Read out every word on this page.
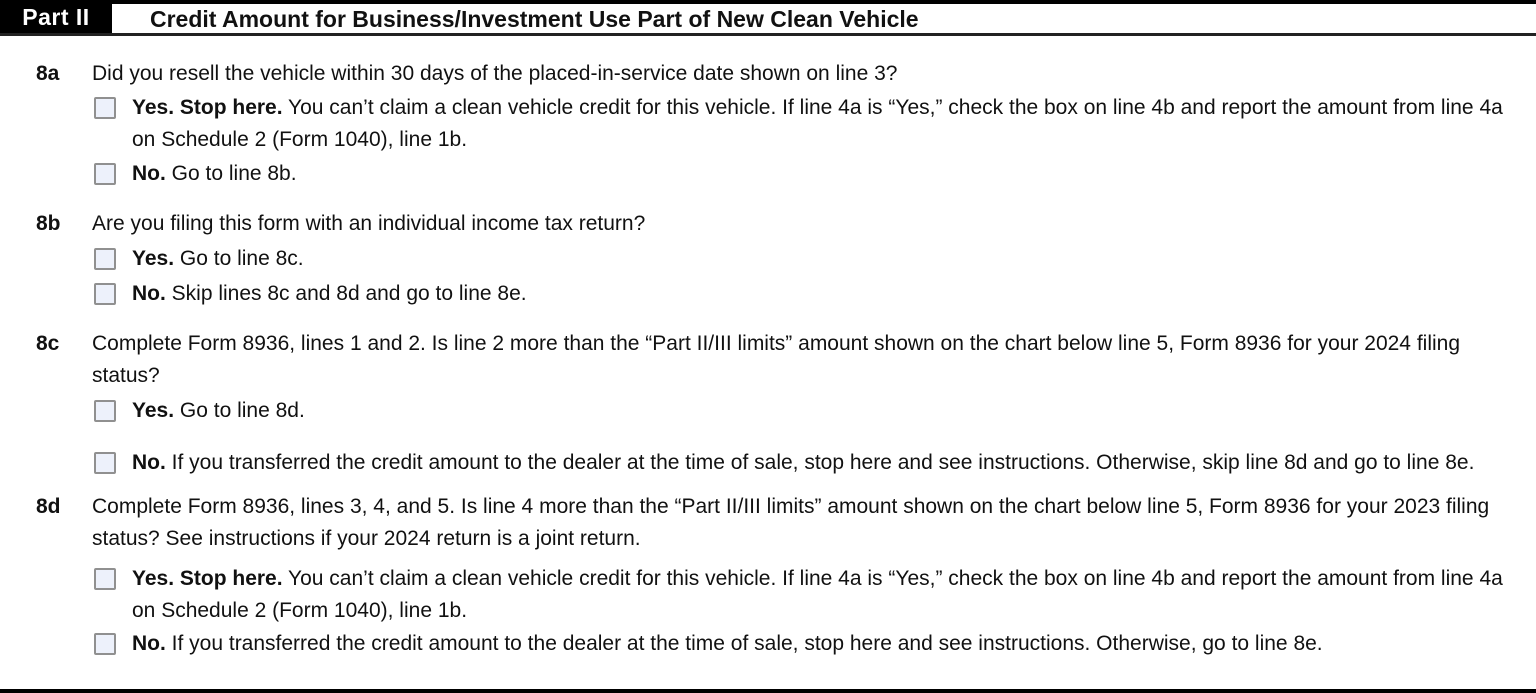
Part II	Credit Amount for Business/Investment Use Part of New Clean Vehicle
8a	Did you resell the vehicle within 30 days of the placed-in-service date shown on line 3?
Yes. Stop here. You can’t claim a clean vehicle credit for this vehicle. If line 4a is “Yes,” check the box on line 4b and report the amount from line 4a on Schedule 2 (Form 1040), line 1b.
No. Go to line 8b.
8b	Are you filing this form with an individual income tax return?
Yes. Go to line 8c.
No. Skip lines 8c and 8d and go to line 8e.
8c	Complete Form 8936, lines 1 and 2. Is line 2 more than the “Part II/III limits” amount shown on the chart below line 5, Form 8936 for your 2024 filing status?
Yes. Go to line 8d.
No. If you transferred the credit amount to the dealer at the time of sale, stop here and see instructions. Otherwise, skip line 8d and go to line 8e.
8d	Complete Form 8936, lines 3, 4, and 5. Is line 4 more than the “Part II/III limits” amount shown on the chart below line 5, Form 8936 for your 2023 filing status? See instructions if your 2024 return is a joint return.
Yes. Stop here. You can’t claim a clean vehicle credit for this vehicle. If line 4a is “Yes,” check the box on line 4b and report the amount from line 4a on Schedule 2 (Form 1040), line 1b.
No. If you transferred the credit amount to the dealer at the time of sale, stop here and see instructions. Otherwise, go to line 8e.
